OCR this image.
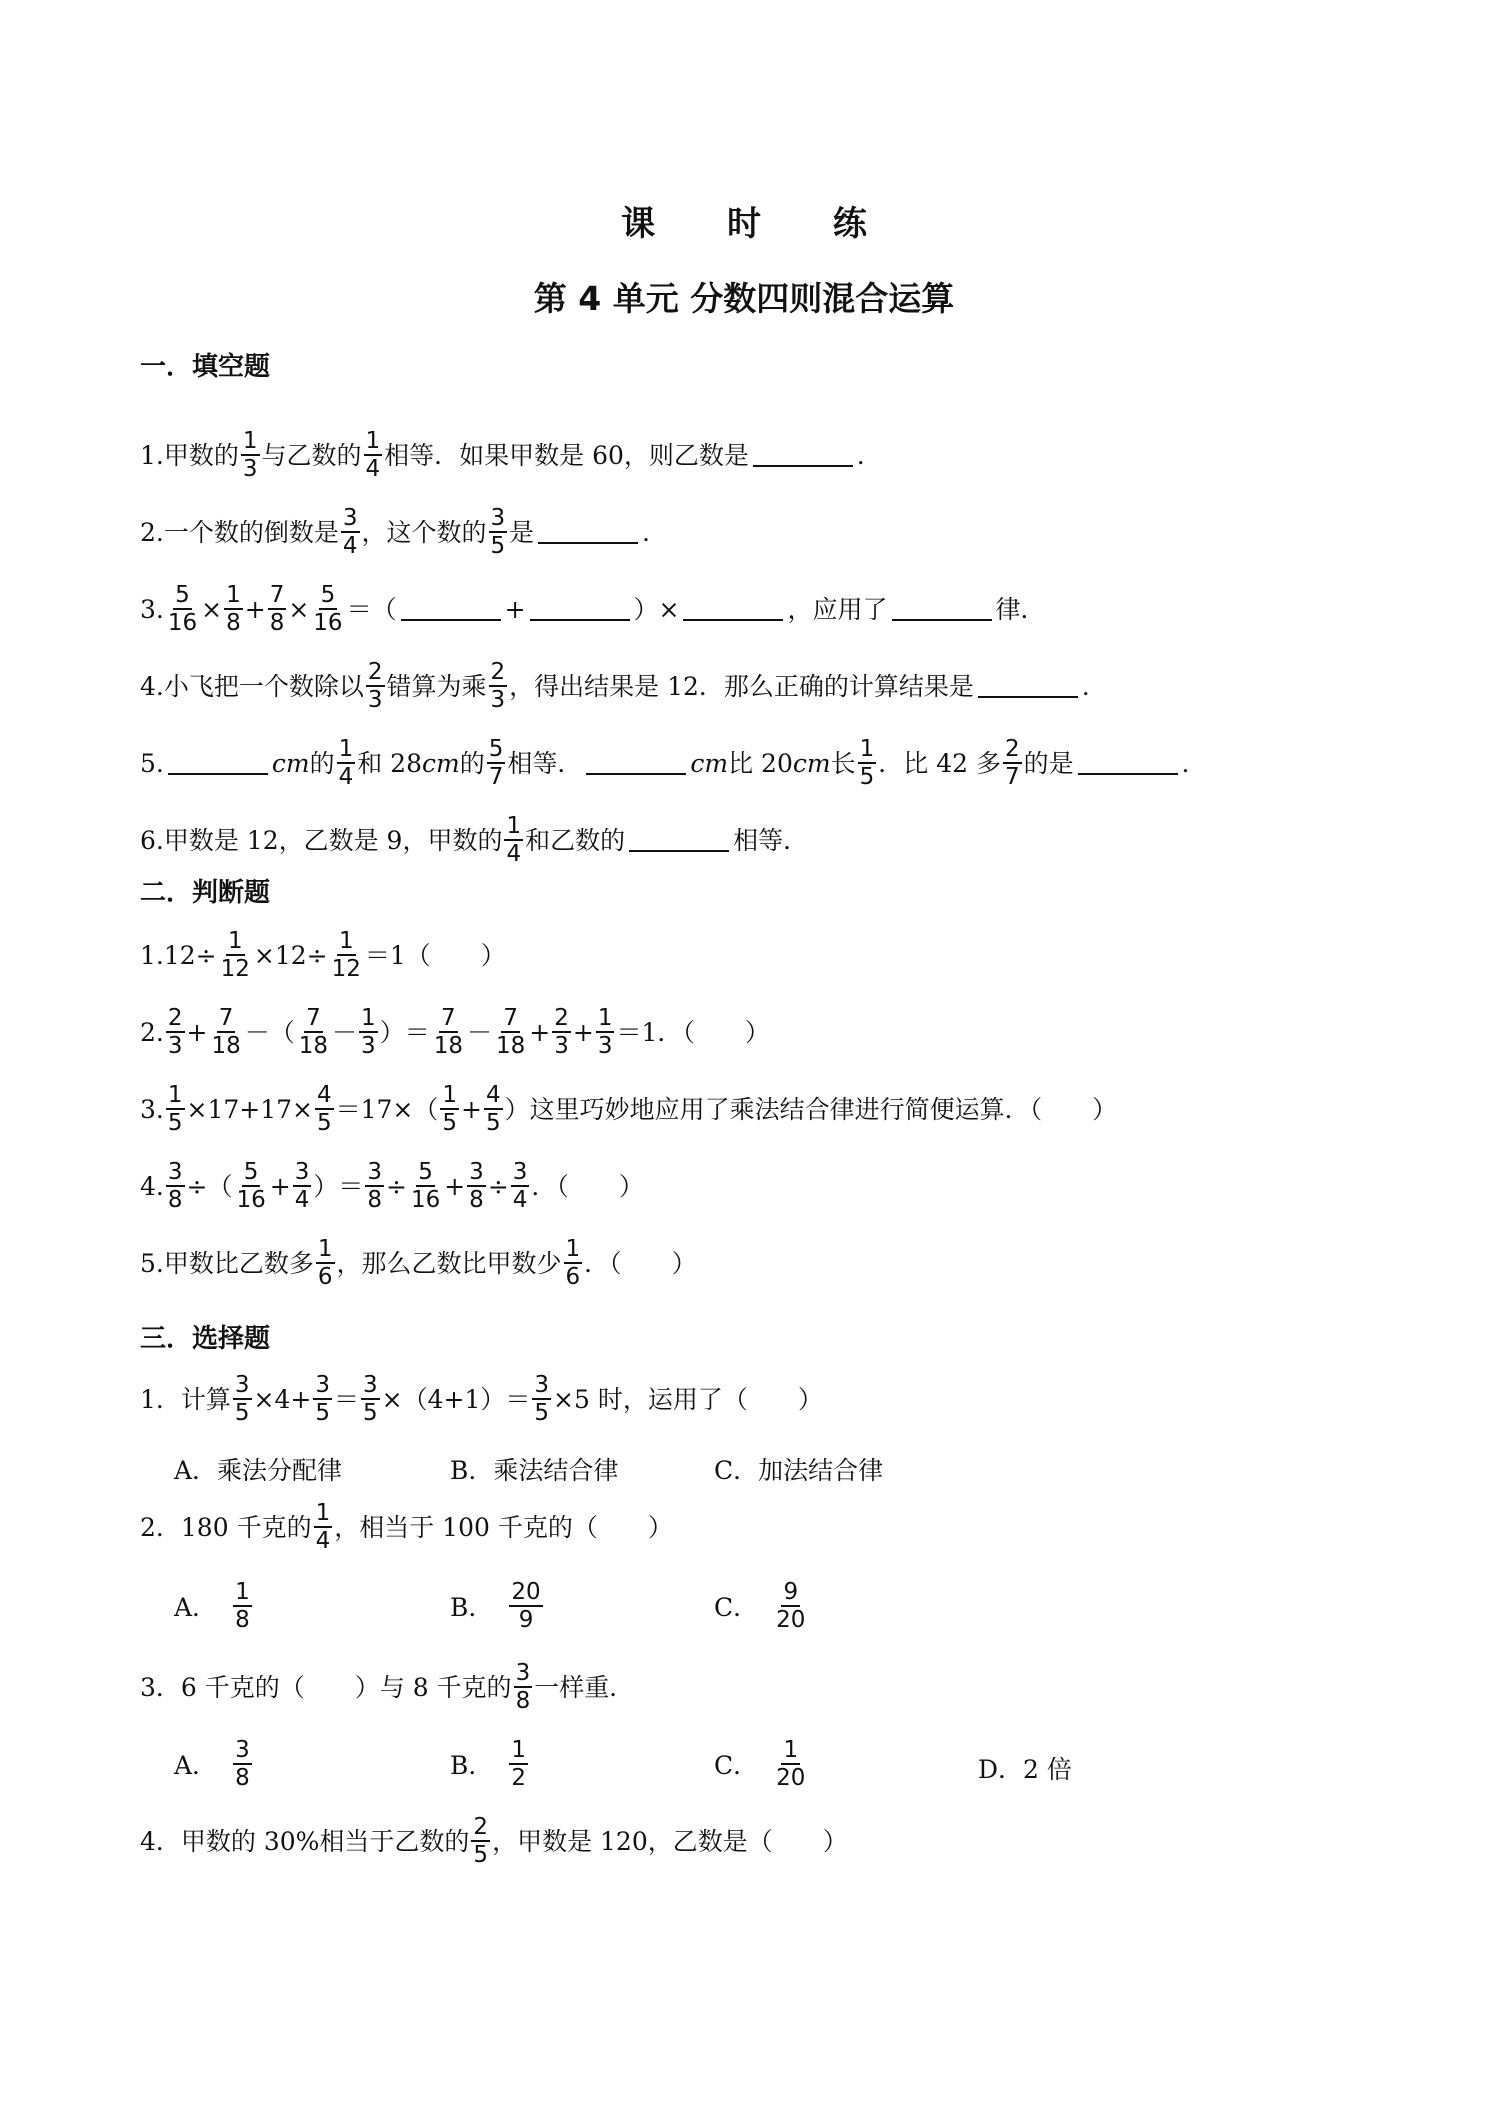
课 时 练
第 4 单元 分数四则混合运算
一．填空题
1.甲数的 $\frac{1}{3}$ 与乙数的 $\frac{1}{4}$ 相等．如果甲数是 60，则乙数是	．
2.一个数的倒数是 $\frac{3}{4}$ ，这个数的 $\frac{3}{5}$ 是	．
3. $\frac{5}{16} \times \frac{1}{8} + \frac{7}{8} \times \frac{5}{16}$ ＝（	+	）×	，应用了	律．
4.小飞把一个数除以 $\frac{2}{3}$ 错算为乘 $\frac{2}{3}$ ，得出结果是 12．那么正确的计算结果是	．
5.	cm 的 $\frac{1}{4}$ 和 28 cm 的 $\frac{5}{7}$ 相等．	cm 比 20 cm 长 $\frac{1}{5}$ ．比 42 多 $\frac{2}{7}$ 的是	．
6.甲数是 12，乙数是 9，甲数的 $\frac{1}{4}$ 和乙数的	相等．
二．判断题
$1.12\div \frac{1}{12} \times 12\div \frac{1}{12} =1$（　　）
2. $\frac{2}{3} + \frac{7}{18}$ －（ $\frac{7}{18} - \frac{1}{3}$ ）＝ $\frac{7}{18} - \frac{7}{18} + \frac{2}{3} + \frac{1}{3} =1$．（　　）
3. $\frac{1}{5} \times 17+17\times \frac{4}{5} =17\times( \frac{1}{5} + \frac{4}{5}$ ）这里巧妙地应用了乘法结合律进行简便运算．（　　）
4. $\frac{3}{8}$ ÷（ $\frac{5}{16} + \frac{3}{4}$ ）＝ $\frac{3}{8} \div \frac{5}{16} + \frac{3}{8} \div \frac{3}{4}$ ．（　　）
5.甲数比乙数多 $\frac{1}{6}$ ，那么乙数比甲数少 $\frac{1}{6}$ ．（　　）
三．选择题
1．计算 $\frac{3}{5} \times 4+ \frac{3}{5} = \frac{3}{5} \times(4+1)= \frac{3}{5} \times 5$ 时，运用了（　　）
A．乘法分配律	B．乘法结合律	C．加法结合律
2．180 千克的 $\frac{1}{4}$ ，相当于 100 千克的（　　）
A． $\frac{1}{8}$	B． $\frac{20}{9}$	C． $\frac{9}{20}$
3．6 千克的（　　）与 8 千克的 $\frac{3}{8}$ 一样重．
A． $\frac{3}{8}$	B． $\frac{1}{2}$	C． $\frac{1}{20}$	D．2 倍
4．甲数的 30%相当于乙数的 $\frac{2}{5}$ ，甲数是 120，乙数是（　　）
